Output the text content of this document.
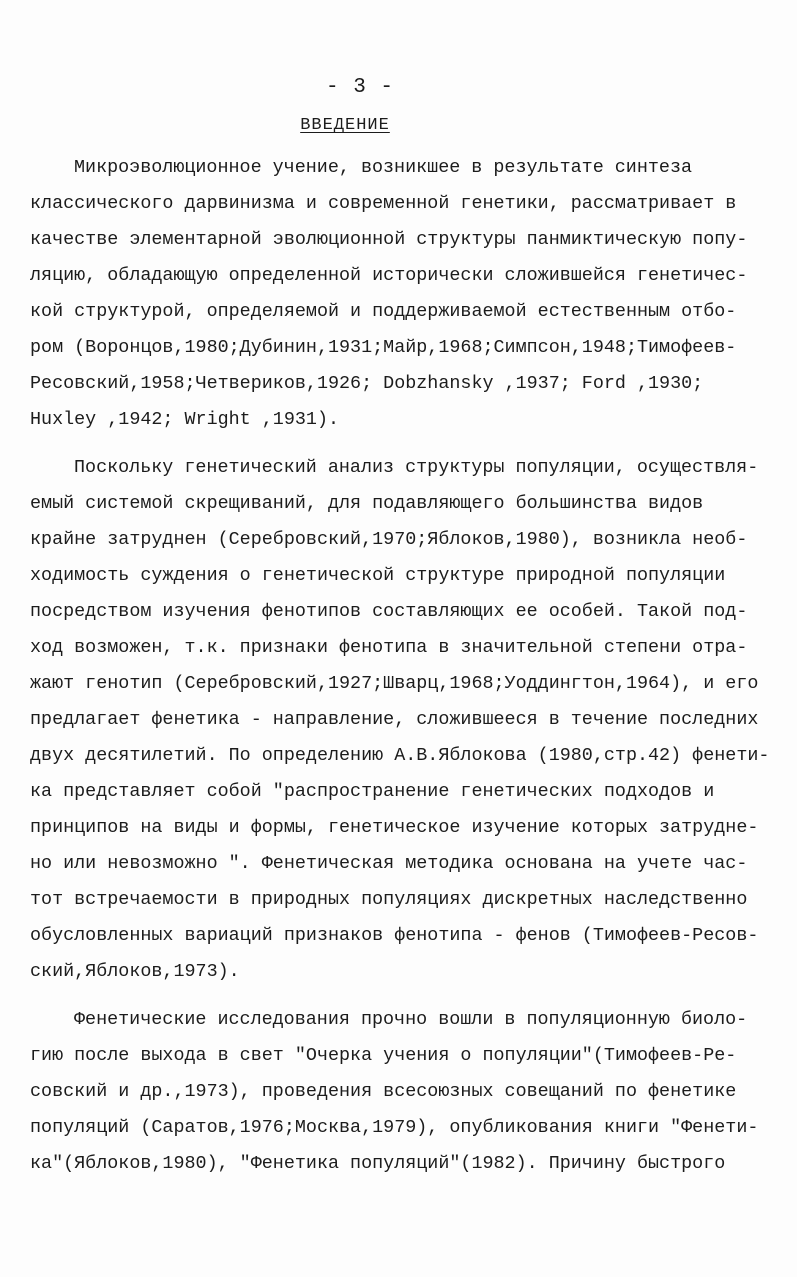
- 3 -
ВВЕДЕНИЕ
Микроэволюционное учение, возникшее в результате синтеза
классического дарвинизма и современной генетики, рассматривает в
качестве элементарной эволюционной структуры панмиктическую попу-
ляцию, обладающую определенной исторически сложившейся генетичес-
кой структурой, определяемой и поддерживаемой естественным отбо-
ром (Воронцов,1980;Дубинин,1931;Майр,1968;Симпсон,1948;Тимофеев-
Ресовский,1958;Четвериков,1926; Dobzhansky ,1937; Ford ,1930;
Huxley ,1942; Wright ,1931).
Поскольку генетический анализ структуры популяции, осуществля-
емый системой скрещиваний, для подавляющего большинства видов
крайне затруднен (Серебровский,1970;Яблоков,1980), возникла необ-
ходимость суждения о генетической структуре природной популяции
посредством изучения фенотипов составляющих ее особей. Такой под-
ход возможен, т.к. признаки фенотипа в значительной степени отра-
жают генотип (Серебровский,1927;Шварц,1968;Уоддингтон,1964), и его
предлагает фенетика - направление, сложившееся в течение последних
двух десятилетий. По определению А.В.Яблокова (1980,стр.42) фенети-
ка представляет собой "распространение генетических подходов и
принципов на виды и формы, генетическое изучение которых затрудне-
но или невозможно ". Фенетическая методика основана на учете час-
тот встречаемости в природных популяциях дискретных наследственно
обусловленных вариаций признаков фенотипа - фенов (Тимофеев-Ресов-
ский,Яблоков,1973).
Фенетические исследования прочно вошли в популяционную биоло-
гию после выхода в свет "Очерка учения о популяции"(Тимофеев-Ре-
совский и др.,1973), проведения всесоюзных совещаний по фенетике
популяций (Саратов,1976;Москва,1979), опубликования книги "Фенети-
ка"(Яблоков,1980), "Фенетика популяций"(1982). Причину быстрого
